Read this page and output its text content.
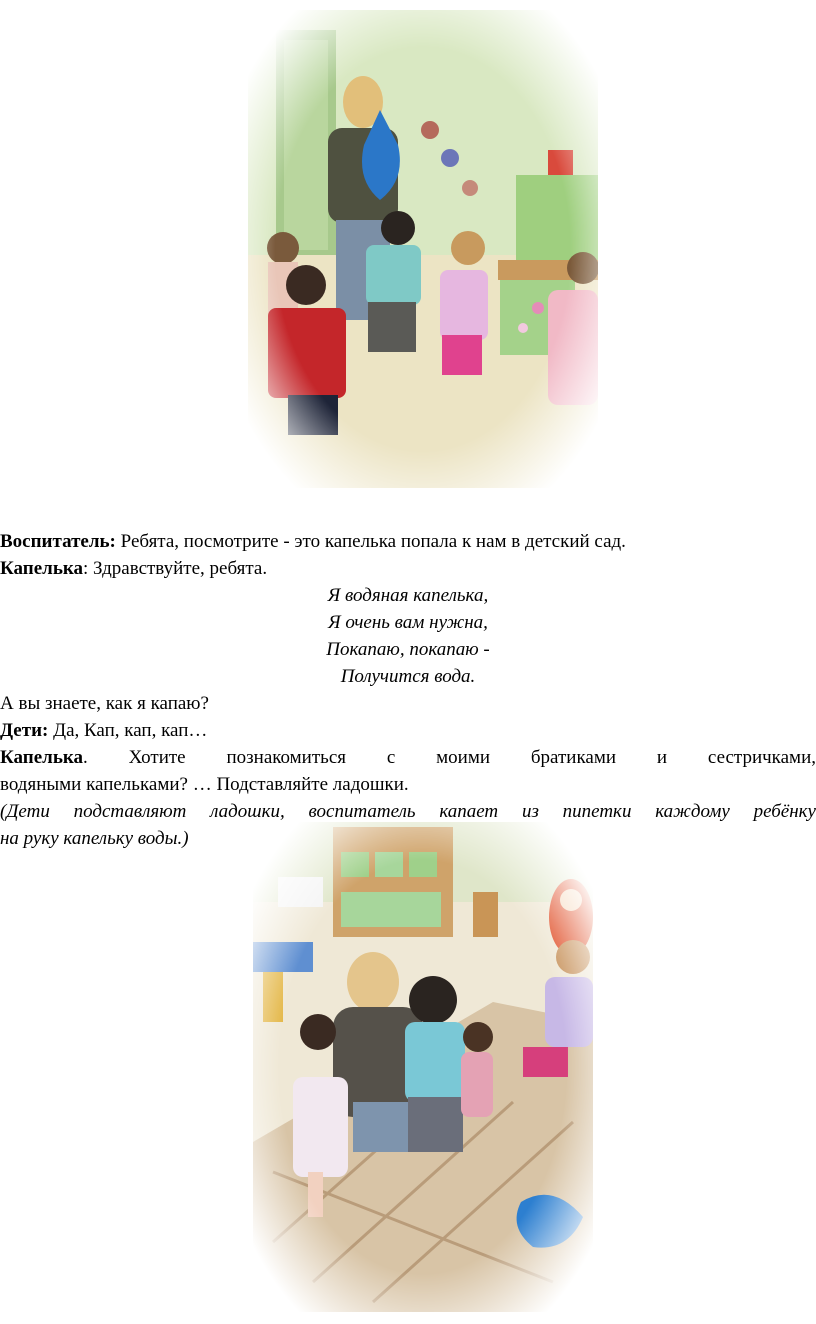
Воспитатель: Ребята, посмотрите - это капелька попала к нам в детский сад.
Капелька: Здравствуйте, ребята.
Я водяная капелька,
Я очень вам нужна,
Покапаю, покапаю -
Получится вода.
А вы знаете, как я капаю?
Дети: Да, Кап, кап, кап…
Капелька. Хотите познакомиться с моими братиками и сестричками,
водяными капельками? … Подставляйте ладошки.
(Дети подставляют ладошки, воспитатель капает из пипетки каждому ребёнку
на руку капельку воды.)
